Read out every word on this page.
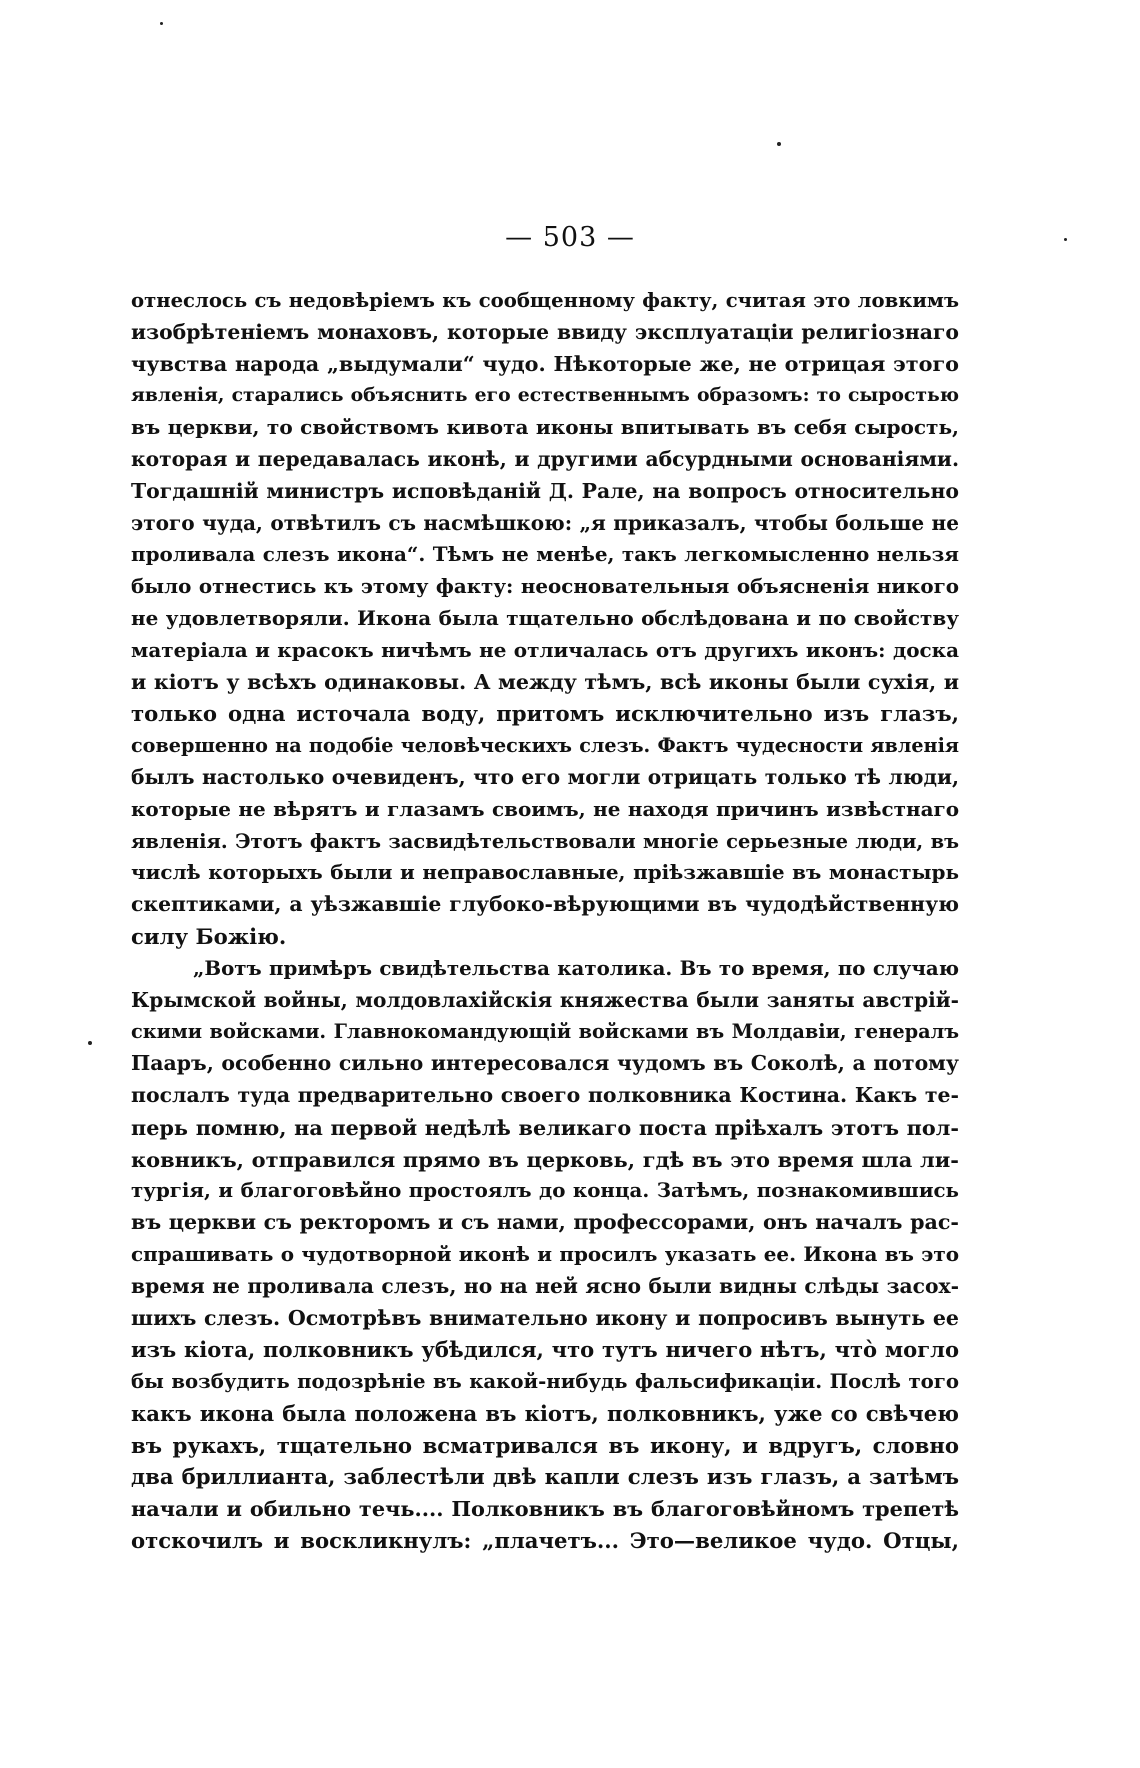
— 503 —
отнеслось съ недовѣріемъ къ сообщенному факту, считая это ловкимъ
изобрѣтеніемъ монаховъ, которые ввиду эксплуатаціи религіознаго
чувства народа „выдумали“ чудо. Нѣкоторые же, не отрицая этого
явленія, старались объяснить его естественнымъ образомъ: то сыростью
въ церкви, то свойствомъ кивота иконы впитывать въ себя сырость,
которая и передавалась иконѣ, и другими абсурдными основаніями.
Тогдашній министръ исповѣданій Д. Рале, на вопросъ относительно
этого чуда, отвѣтилъ съ насмѣшкою: „я приказалъ, чтобы больше не
проливала слезъ икона“. Тѣмъ не менѣе, такъ легкомысленно нельзя
было отнестись къ этому факту: неосновательныя объясненія никого
не удовлетворяли. Икона была тщательно обслѣдована и по свойству
матеріала и красокъ ничѣмъ не отличалась отъ другихъ иконъ: доска
и кіотъ у всѣхъ одинаковы. А между тѣмъ, всѣ иконы были сухія, и
только одна источала воду, притомъ исключительно изъ глазъ,
совершенно на подобіе человѣческихъ слезъ. Фактъ чудесности явленія
былъ настолько очевиденъ, что его могли отрицать только тѣ люди,
которые не вѣрятъ и глазамъ своимъ, не находя причинъ извѣстнаго
явленія. Этотъ фактъ засвидѣтельствовали многіе серьезные люди, въ
числѣ которыхъ были и неправославные, пріѣзжавшіе въ монастырь
скептиками, а уѣзжавшіе глубоко-вѣрующими въ чудодѣйственную
силу Божію.
„Вотъ примѣръ свидѣтельства католика. Въ то время, по случаю
Крымской войны, молдовлахійскія княжества были заняты австрій-
скими войсками. Главнокомандующій войсками въ Молдавіи, генералъ
Пааръ, особенно сильно интересовался чудомъ въ Соколѣ, а потому
послалъ туда предварительно своего полковника Костина. Какъ те-
перь помню, на первой недѣлѣ великаго поста пріѣхалъ этотъ пол-
ковникъ, отправился прямо въ церковь, гдѣ въ это время шла ли-
тургія, и благоговѣйно простоялъ до конца. Затѣмъ, познакомившись
въ церкви съ ректоромъ и съ нами, профессорами, онъ началъ рас-
спрашивать о чудотворной иконѣ и просилъ указать ее. Икона въ это
время не проливала слезъ, но на ней ясно были видны слѣды засох-
шихъ слезъ. Осмотрѣвъ внимательно икону и попросивъ вынуть ее
изъ кіота, полковникъ убѣдился, что тутъ ничего нѣтъ, что̀ могло
бы возбудить подозрѣніе въ какой-нибудь фальсификаціи. Послѣ того
какъ икона была положена въ кіотъ, полковникъ, уже со свѣчею
въ рукахъ, тщательно всматривался въ икону, и вдругъ, словно
два бриллианта, заблестѣли двѣ капли слезъ изъ глазъ, а затѣмъ
начали и обильно течь.... Полковникъ въ благоговѣйномъ трепетѣ
отскочилъ и воскликнулъ: „плачетъ... Это—великое чудо. Отцы,
